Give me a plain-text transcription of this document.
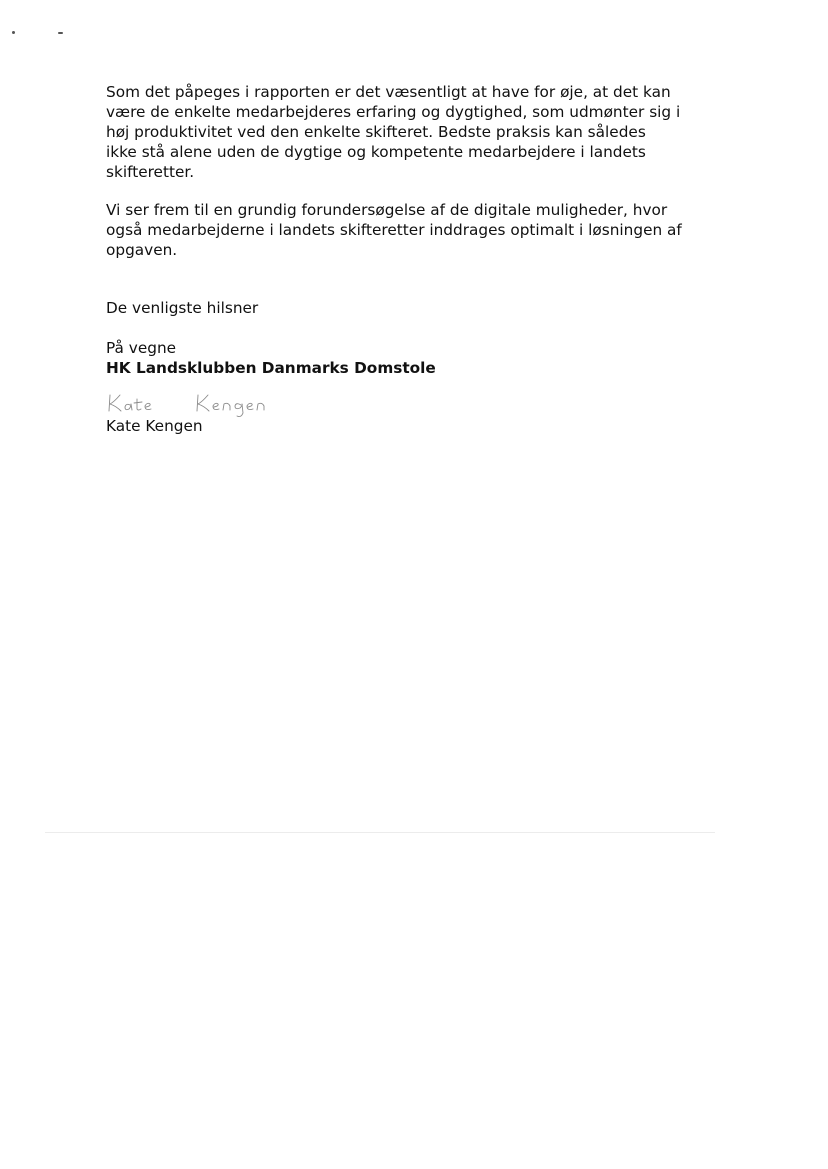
Som det påpeges i rapporten er det væsentligt at have for øje, at det kan
være de enkelte medarbejderes erfaring og dygtighed, som udmønter sig i
høj produktivitet ved den enkelte skifteret. Bedste praksis kan således
ikke stå alene uden de dygtige og kompetente medarbejdere i landets
skifteretter.

Vi ser frem til en grundig forundersøgelse af de digitale muligheder, hvor
også medarbejderne i landets skifteretter inddrages optimalt i løsningen af
opgaven.

De venligste hilsner
På vegne
HK Landsklubben Danmarks Domstole
Kate Kengen
